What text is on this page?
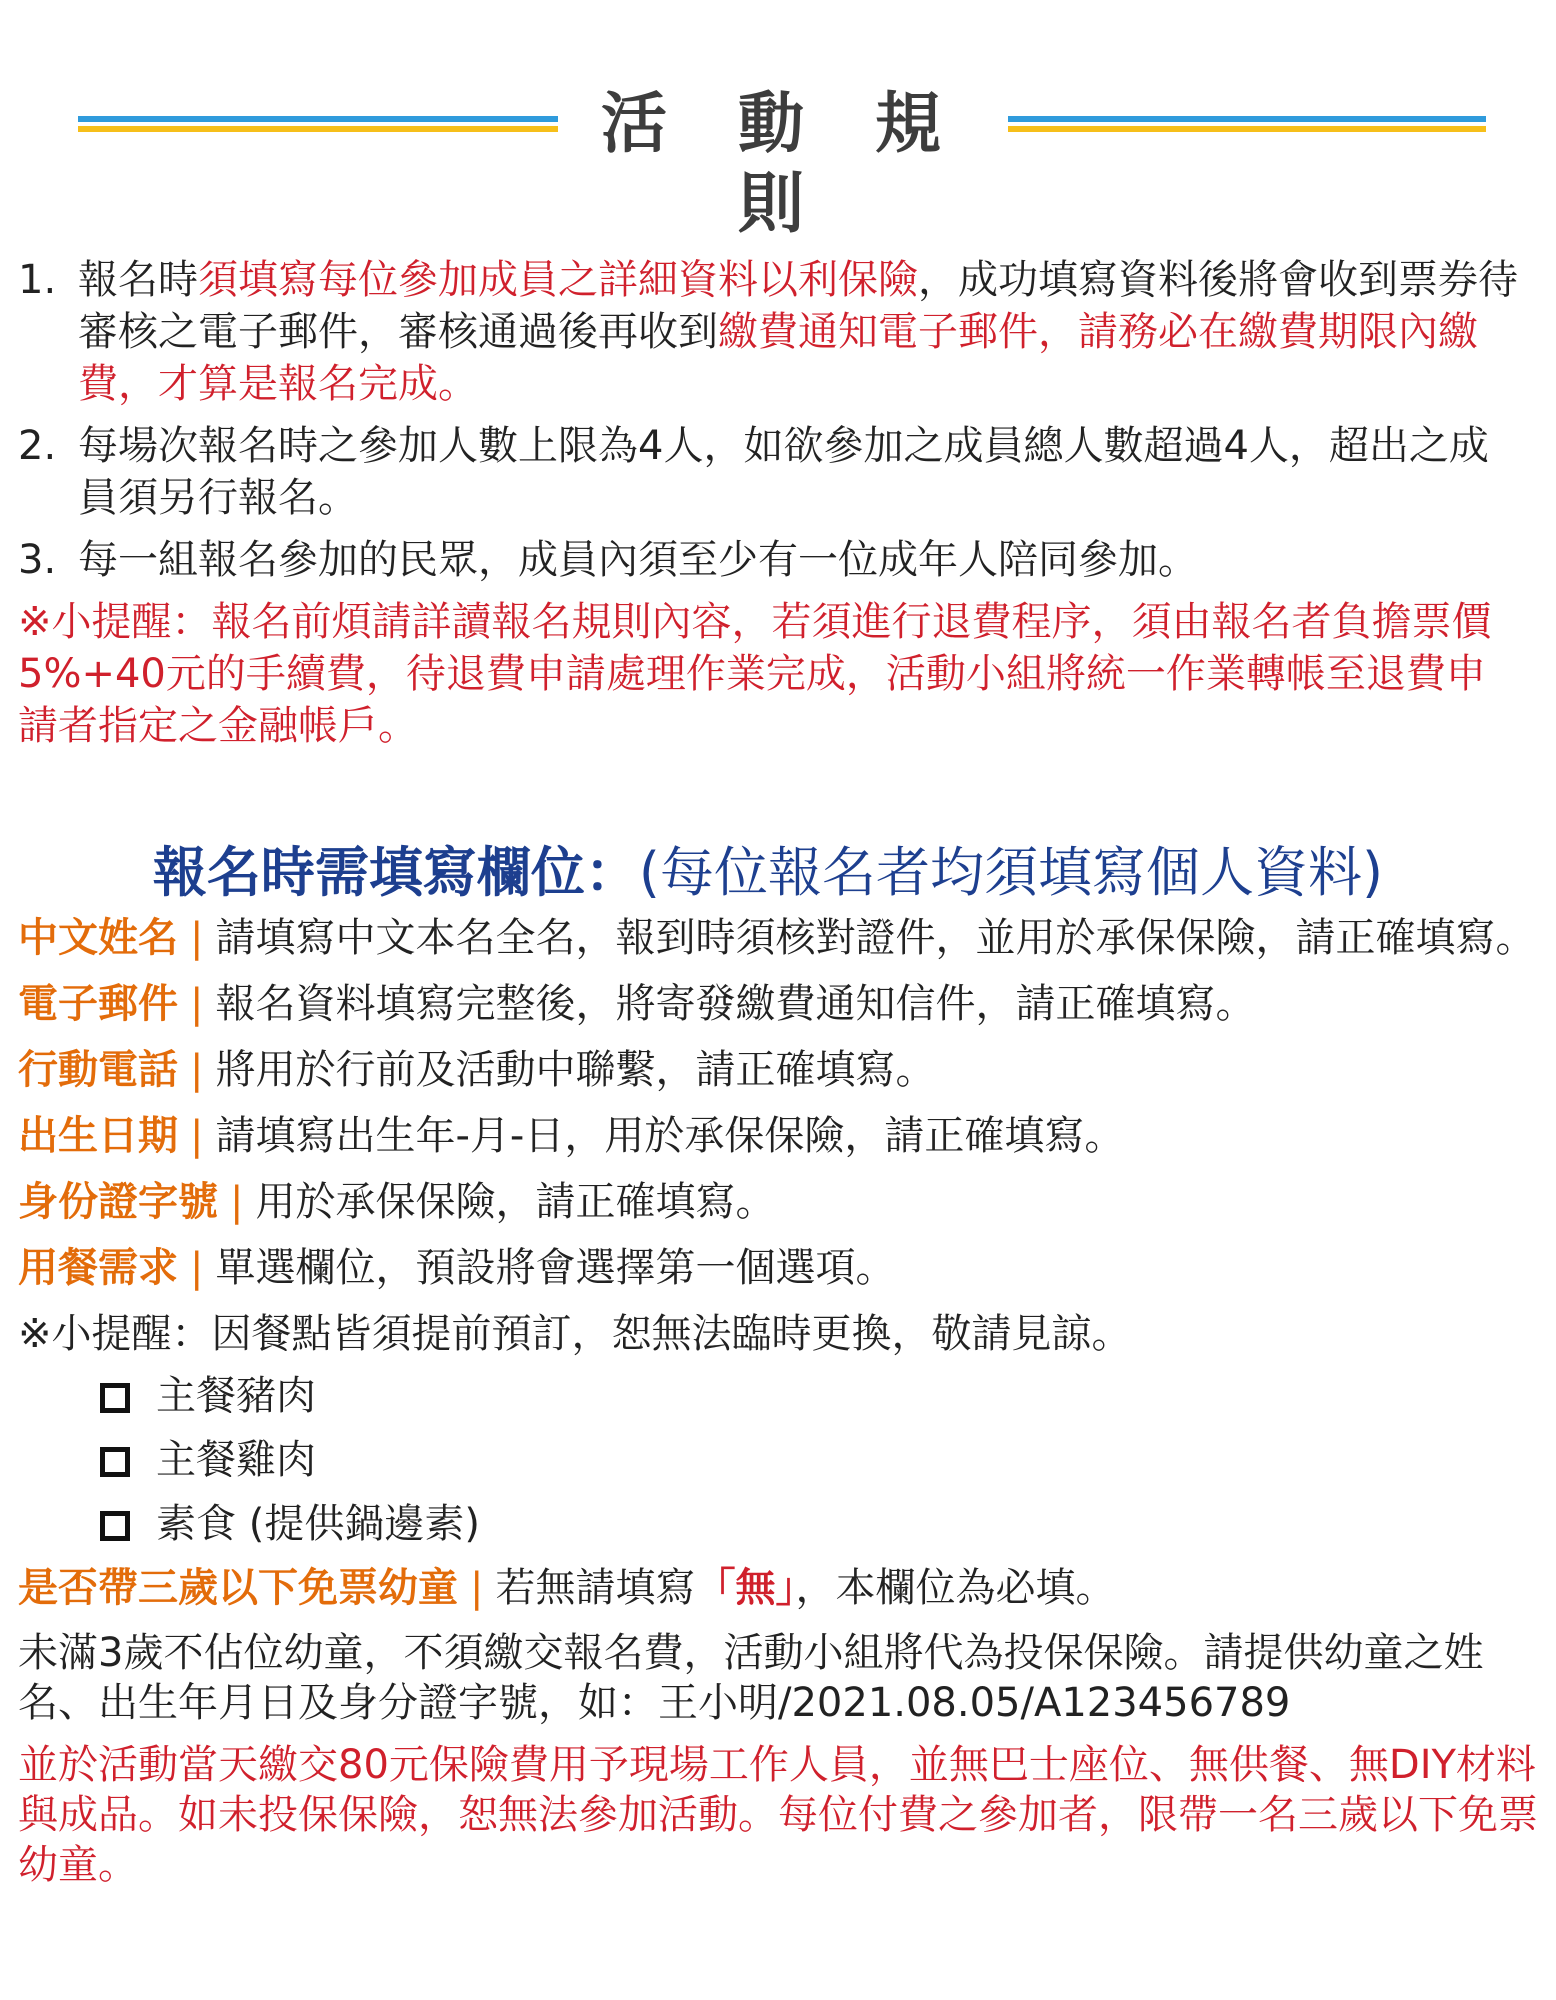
活 動 規 則
1. 報名時須填寫每位參加成員之詳細資料以利保險，成功填寫資料後將會收到票券待審核之電子郵件，審核通過後再收到繳費通知電子郵件，請務必在繳費期限內繳費，才算是報名完成。
2. 每場次報名時之參加人數上限為4人，如欲參加之成員總人數超過4人，超出之成員須另行報名。
3. 每一組報名參加的民眾，成員內須至少有一位成年人陪同參加。
※小提醒：報名前煩請詳讀報名規則內容，若須進行退費程序，須由報名者負擔票價5%+40元的手續費，待退費申請處理作業完成，活動小組將統一作業轉帳至退費申請者指定之金融帳戶。
報名時需填寫欄位：(每位報名者均須填寫個人資料)
中文姓名 | 請填寫中文本名全名，報到時須核對證件，並用於承保保險，請正確填寫。
電子郵件 | 報名資料填寫完整後，將寄發繳費通知信件，請正確填寫。
行動電話 | 將用於行前及活動中聯繫，請正確填寫。
出生日期 | 請填寫出生年-月-日，用於承保保險，請正確填寫。
身份證字號 | 用於承保保險，請正確填寫。
用餐需求 | 單選欄位，預設將會選擇第一個選項。
※小提醒：因餐點皆須提前預訂，恕無法臨時更換，敬請見諒。
主餐豬肉
主餐雞肉
素食 (提供鍋邊素)
是否帶三歲以下免票幼童 | 若無請填寫「無」，本欄位為必填。
未滿3歲不佔位幼童，不須繳交報名費，活動小組將代為投保保險。請提供幼童之姓名、出生年月日及身分證字號，如：王小明/2021.08.05/A123456789
並於活動當天繳交80元保險費用予現場工作人員，並無巴士座位、無供餐、無DIY材料與成品。如未投保保險，恕無法參加活動。每位付費之參加者，限帶一名三歲以下免票幼童。
